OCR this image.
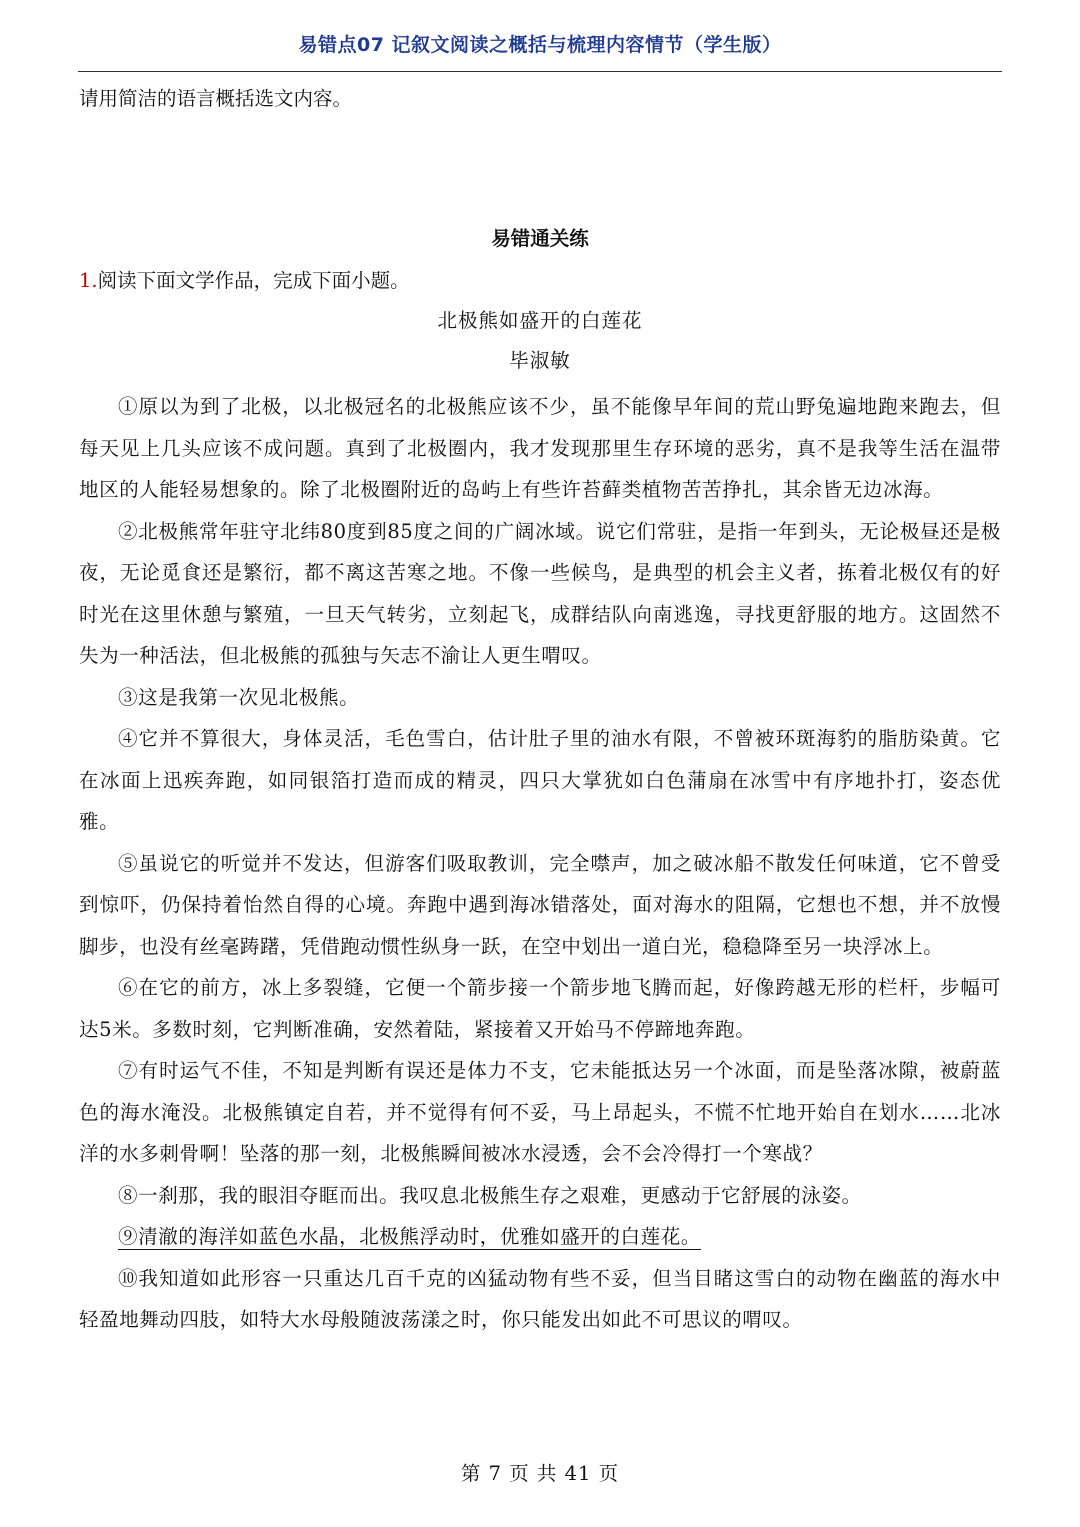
易错点07 记叙文阅读之概括与梳理内容情节（学生版）

请用简洁的语言概括选文内容。

易错通关练
1.阅读下面文学作品，完成下面小题。
北极熊如盛开的白莲花
毕淑敏

①原以为到了北极，以北极冠名的北极熊应该不少，虽不能像早年间的荒山野兔遍地跑来跑去，但每天见上几头应该不成问题。真到了北极圈内，我才发现那里生存环境的恶劣，真不是我等生活在温带地区的人能轻易想象的。除了北极圈附近的岛屿上有些许苔藓类植物苦苦挣扎，其余皆无边冰海。

②北极熊常年驻守北纬80度到85度之间的广阔冰域。说它们常驻，是指一年到头，无论极昼还是极夜，无论觅食还是繁衍，都不离这苦寒之地。不像一些候鸟，是典型的机会主义者，拣着北极仅有的好时光在这里休憩与繁殖，一旦天气转劣，立刻起飞，成群结队向南逃逸，寻找更舒服的地方。这固然不失为一种活法，但北极熊的孤独与矢志不渝让人更生喟叹。

③这是我第一次见北极熊。

④它并不算很大，身体灵活，毛色雪白，估计肚子里的油水有限，不曾被环斑海豹的脂肪染黄。它在冰面上迅疾奔跑，如同银箔打造而成的精灵，四只大掌犹如白色蒲扇在冰雪中有序地扑打，姿态优雅。

⑤虽说它的听觉并不发达，但游客们吸取教训，完全噤声，加之破冰船不散发任何味道，它不曾受到惊吓，仍保持着怡然自得的心境。奔跑中遇到海冰错落处，面对海水的阻隔，它想也不想，并不放慢脚步，也没有丝毫踌躇，凭借跑动惯性纵身一跃，在空中划出一道白光，稳稳降至另一块浮冰上。

⑥在它的前方，冰上多裂缝，它便一个箭步接一个箭步地飞腾而起，好像跨越无形的栏杆，步幅可达5米。多数时刻，它判断准确，安然着陆，紧接着又开始马不停蹄地奔跑。

⑦有时运气不佳，不知是判断有误还是体力不支，它未能抵达另一个冰面，而是坠落冰隙，被蔚蓝色的海水淹没。北极熊镇定自若，并不觉得有何不妥，马上昂起头，不慌不忙地开始自在划水……北冰洋的水多刺骨啊！坠落的那一刻，北极熊瞬间被冰水浸透，会不会冷得打一个寒战？

⑧一刹那，我的眼泪夺眶而出。我叹息北极熊生存之艰难，更感动于它舒展的泳姿。

⑨清澈的海洋如蓝色水晶，北极熊浮动时，优雅如盛开的白莲花。

⑩我知道如此形容一只重达几百千克的凶猛动物有些不妥，但当目睹这雪白的动物在幽蓝的海水中轻盈地舞动四肢，如特大水母般随波荡漾之时，你只能发出如此不可思议的喟叹。

第 7 页 共 41 页
